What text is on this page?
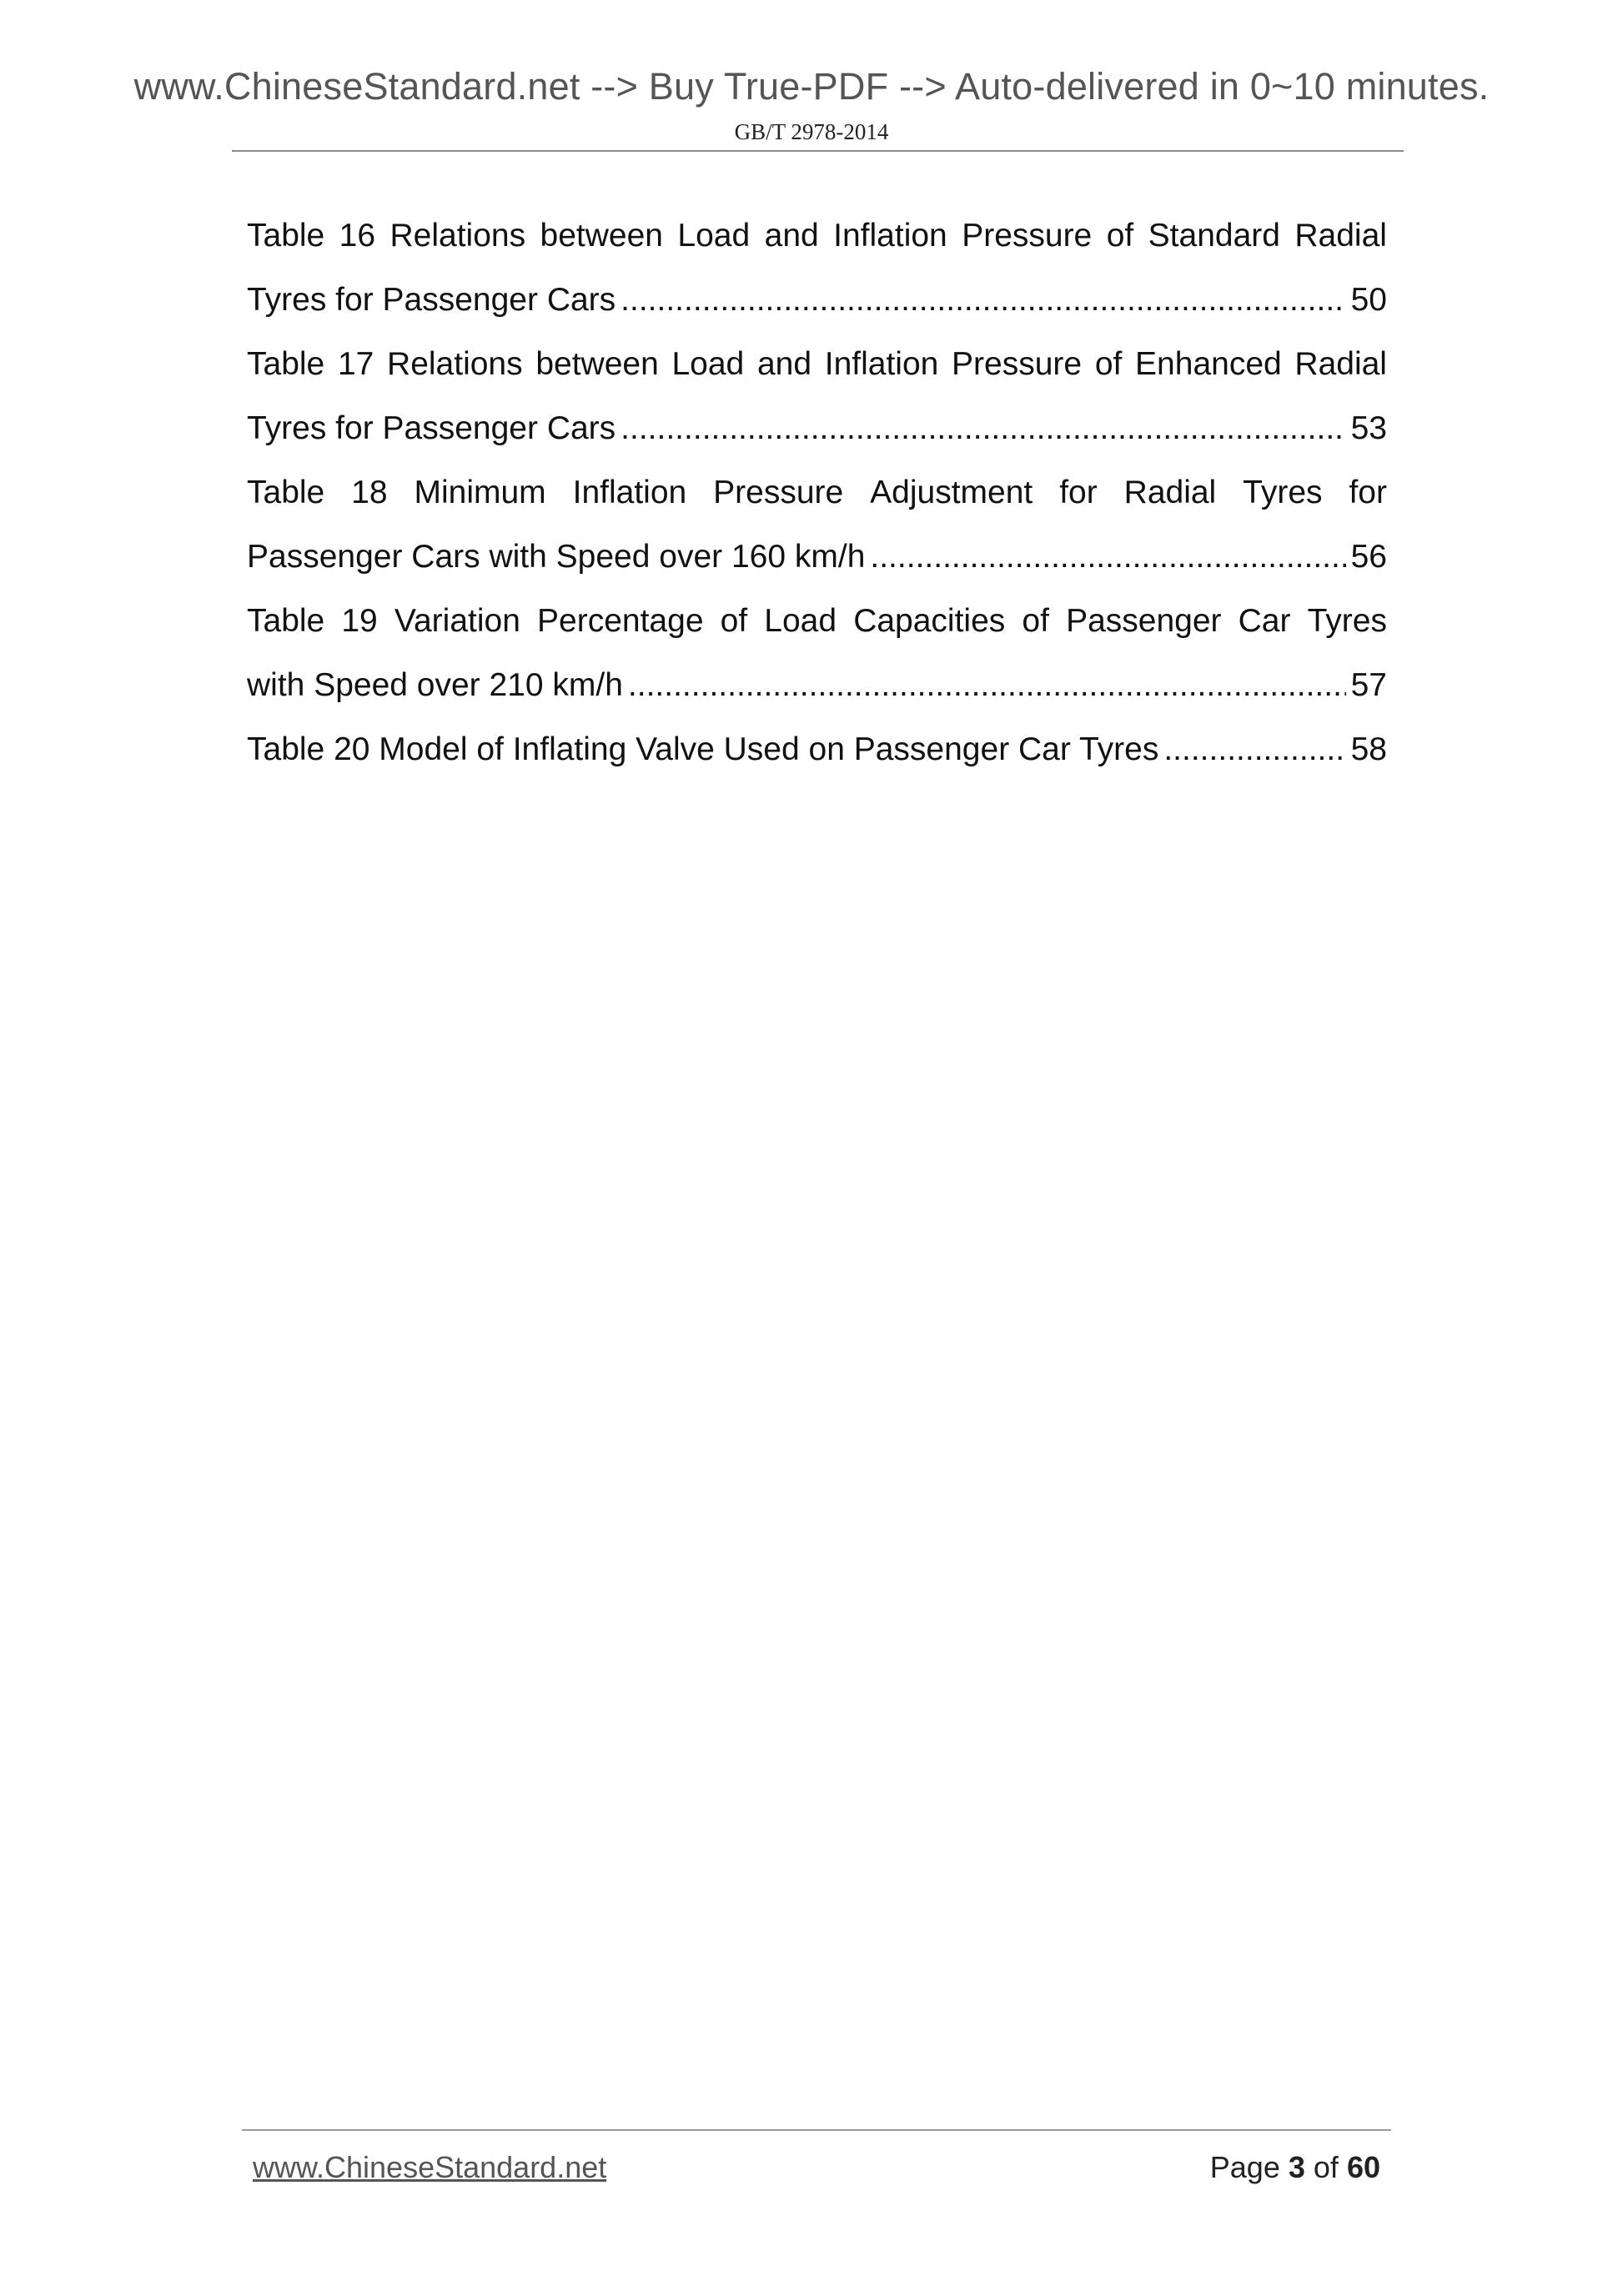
www.ChineseStandard.net --> Buy True-PDF --> Auto-delivered in 0~10 minutes.
GB/T 2978-2014
Table 16 Relations between Load and Inflation Pressure of Standard Radial
Tyres for Passenger Cars .....	50
Table 17 Relations between Load and Inflation Pressure of Enhanced Radial
Tyres for Passenger Cars .....	53
Table 18 Minimum Inflation Pressure Adjustment for Radial Tyres for
Passenger Cars with Speed over 160 km/h .....	56
Table 19 Variation Percentage of Load Capacities of Passenger Car Tyres
with Speed over 210 km/h .....	57
Table 20 Model of Inflating Valve Used on Passenger Car Tyres .....	58
www.ChineseStandard.net	Page 3 of 60
